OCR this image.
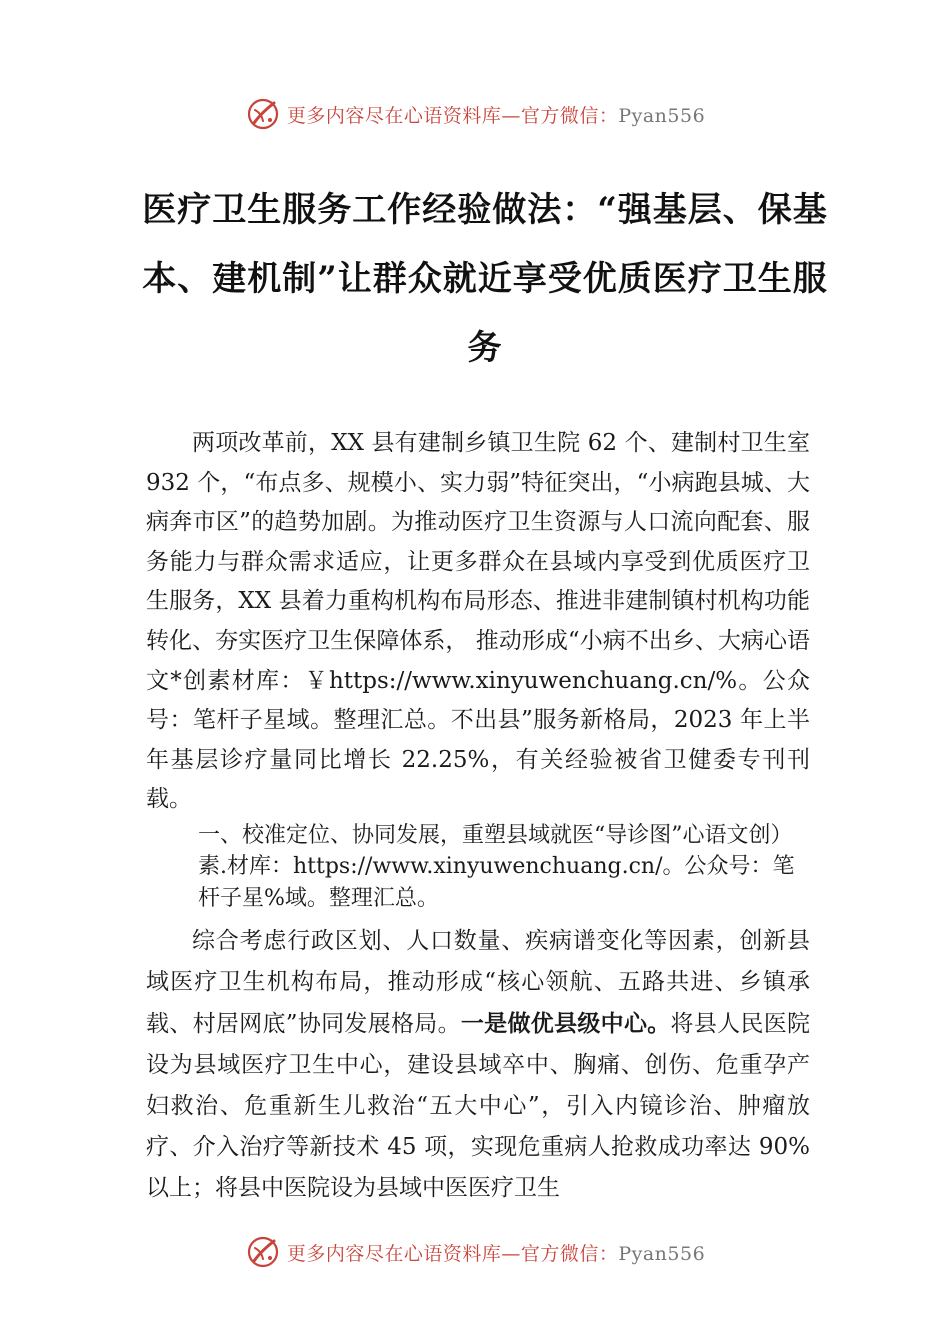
更多内容尽在心语资料库—官方微信：Pyan556
医疗卫生服务工作经验做法：“强基层、保基本、建机制”让群众就近享受优质医疗卫生服务

两项改革前，XX 县有建制乡镇卫生院 62 个、建制村卫生室 932 个，“布点多、规模小、实力弱”特征突出，“小病跑县城、大病奔市区”的趋势加剧。为推动医疗卫生资源与人口流向配套、服务能力与群众需求适应，让更多群众在县域内享受到优质医疗卫生服务，XX 县着力重构机构布局形态、推进非建制镇村机构功能转化、夯实医疗卫生保障体系， 推动形成“小病不出乡、大病心语文*创素材库：￥https://www.xinyuwenchuang.cn/%。公众号：笔杆子星域。整理汇总。不出县”服务新格局，2023 年上半年基层诊疗量同比增长 22.25%，有关经验被省卫健委专刊刊载。

一、校准定位、协同发展，重塑县域就医“导诊图”心语文创）素.材库：https://www.xinyuwenchuang.cn/。公众号：笔杆子星%域。整理汇总。

综合考虑行政区划、人口数量、疾病谱变化等因素，创新县域医疗卫生机构布局，推动形成“核心领航、五路共进、乡镇承载、村居网底”协同发展格局。一是做优县级中心。将县人民医院设为县域医疗卫生中心，建设县域卒中、胸痛、创伤、危重孕产妇救治、危重新生儿救治“五大中心”，引入内镜诊治、肿瘤放疗、介入治疗等新技术 45 项，实现危重病人抢救成功率达 90%以上；将县中医院设为县域中医医疗卫生

更多内容尽在心语资料库—官方微信：Pyan556
